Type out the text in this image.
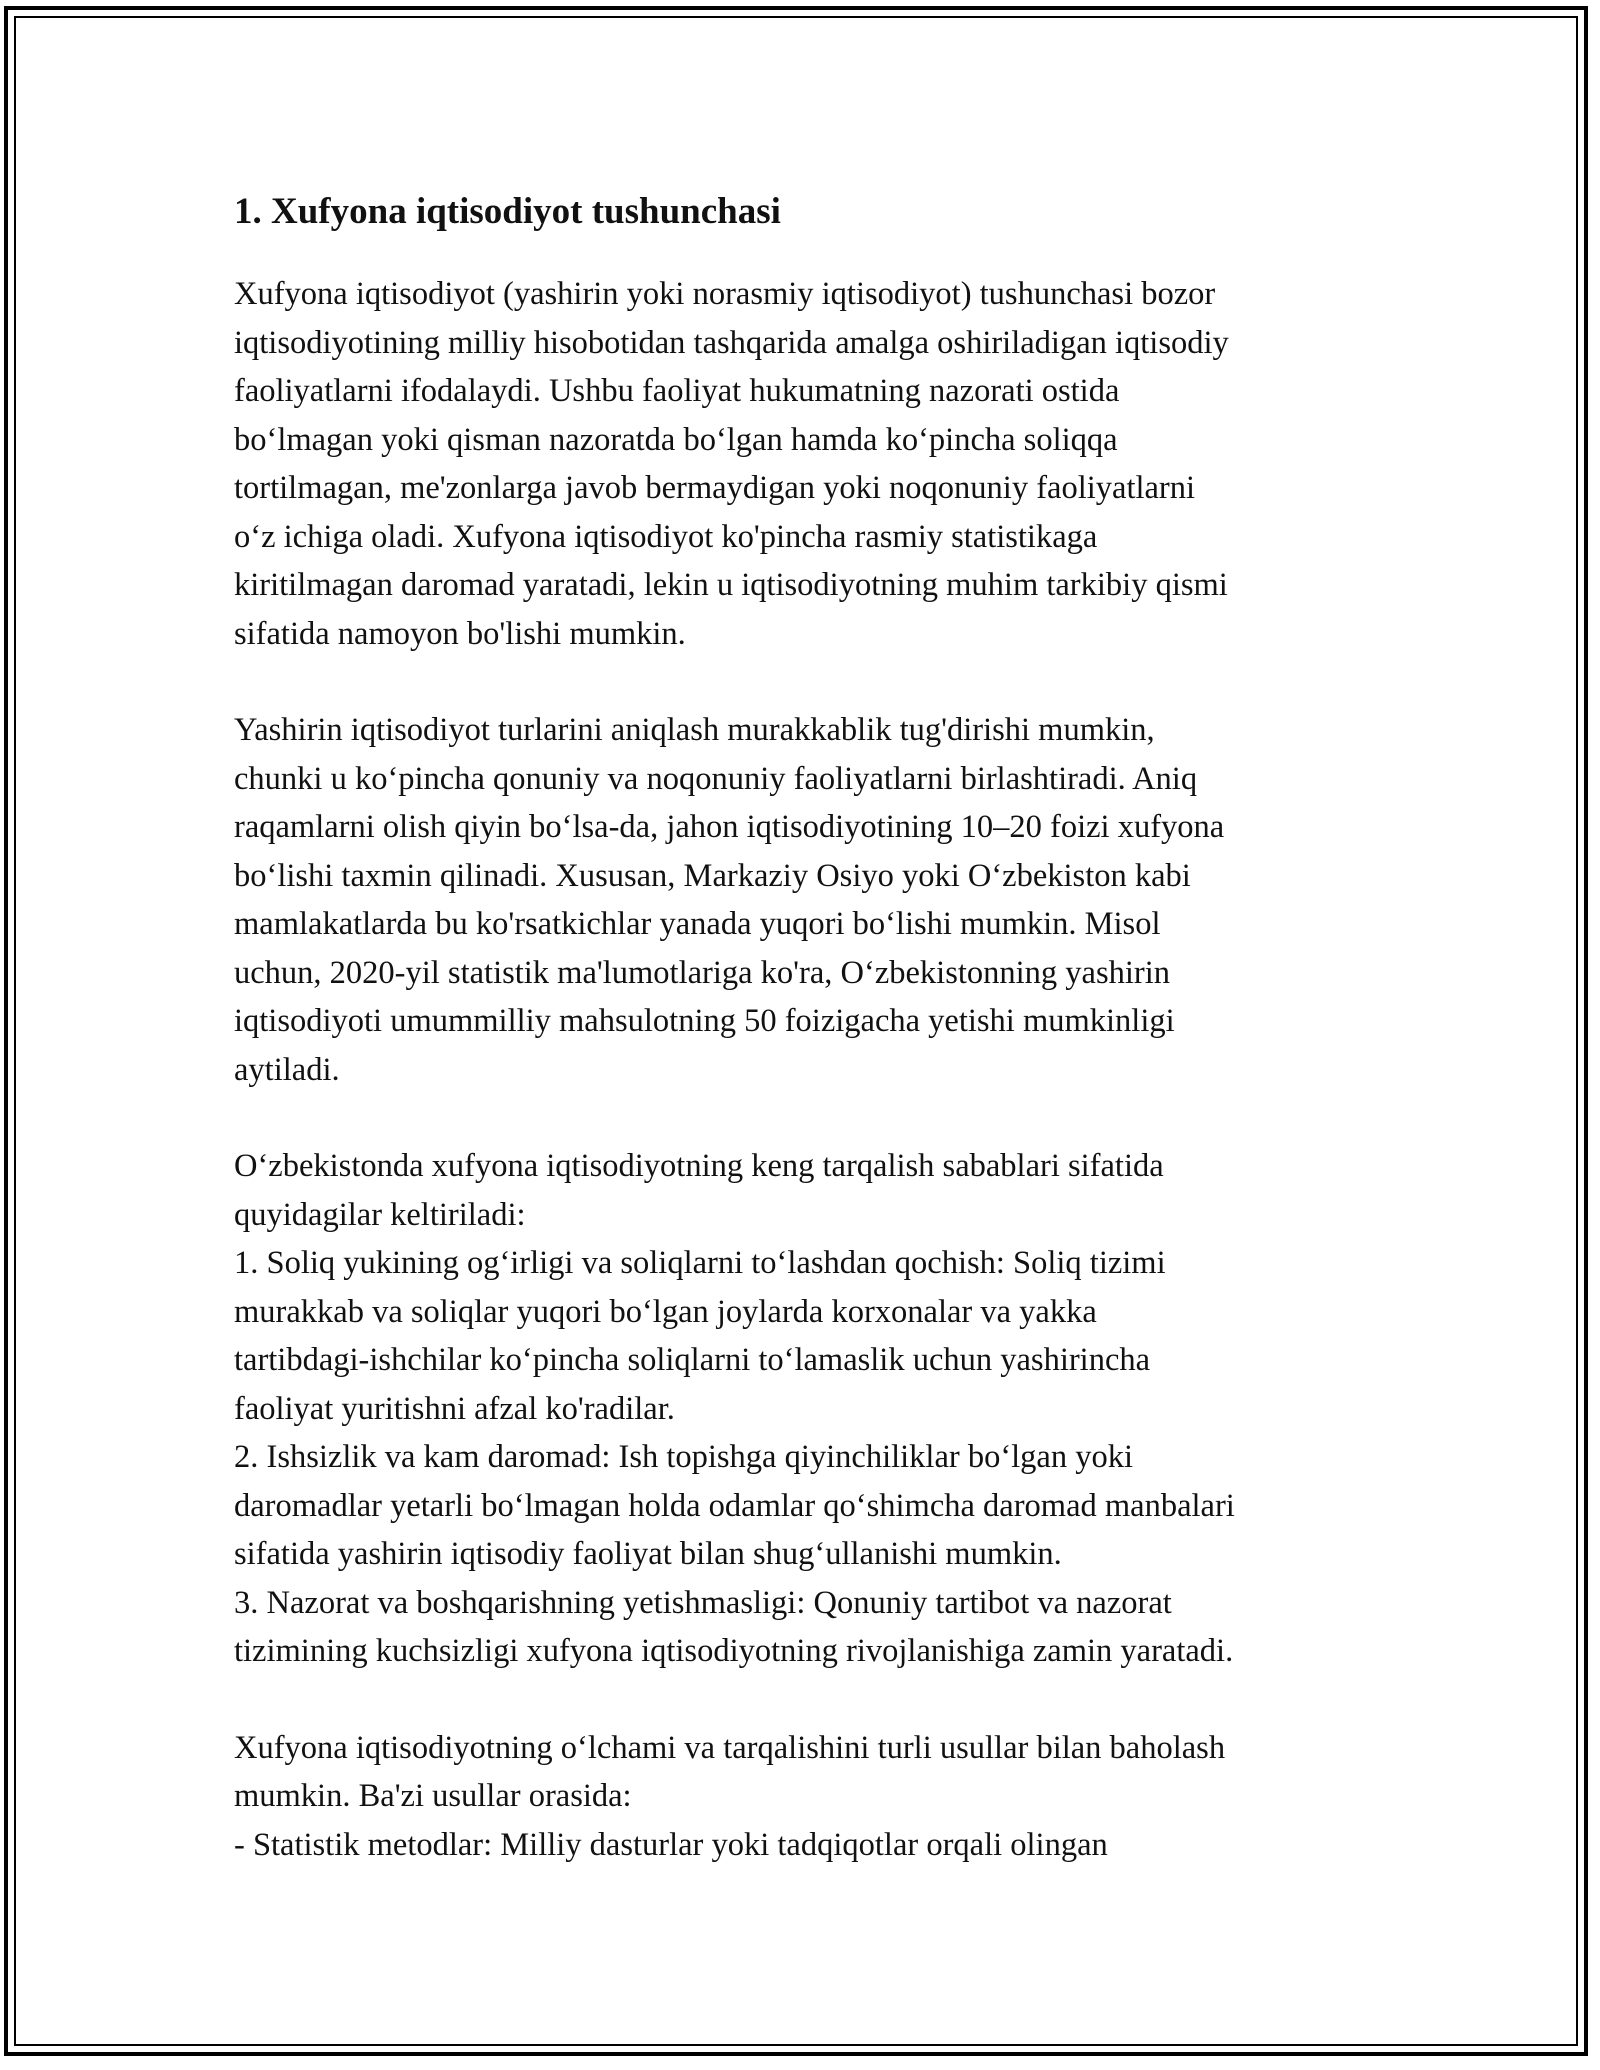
1. Xufyona iqtisodiyot tushunchasi

Xufyona iqtisodiyot (yashirin yoki norasmiy iqtisodiyot) tushunchasi bozor
iqtisodiyotining milliy hisobotidan tashqarida amalga oshiriladigan iqtisodiy
faoliyatlarni ifodalaydi. Ushbu faoliyat hukumatning nazorati ostida
bo‘lmagan yoki qisman nazoratda bo‘lgan hamda ko‘pincha soliqqa
tortilmagan, me'zonlarga javob bermaydigan yoki noqonuniy faoliyatlarni
o‘z ichiga oladi. Xufyona iqtisodiyot ko'pincha rasmiy statistikaga
kiritilmagan daromad yaratadi, lekin u iqtisodiyotning muhim tarkibiy qismi
sifatida namoyon bo'lishi mumkin.

Yashirin iqtisodiyot turlarini aniqlash murakkablik tug'dirishi mumkin,
chunki u ko‘pincha qonuniy va noqonuniy faoliyatlarni birlashtiradi. Aniq
raqamlarni olish qiyin bo‘lsa-da, jahon iqtisodiyotining 10–20 foizi xufyona
bo‘lishi taxmin qilinadi. Xususan, Markaziy Osiyo yoki O‘zbekiston kabi
mamlakatlarda bu ko'rsatkichlar yanada yuqori bo‘lishi mumkin. Misol
uchun, 2020-yil statistik ma'lumotlariga ko'ra, O‘zbekistonning yashirin
iqtisodiyoti umummilliy mahsulotning 50 foizigacha yetishi mumkinligi
aytiladi.

O‘zbekistonda xufyona iqtisodiyotning keng tarqalish sabablari sifatida
quyidagilar keltiriladi:

1. Soliq yukining og‘irligi va soliqlarni to‘lashdan qochish: Soliq tizimi
murakkab va soliqlar yuqori bo‘lgan joylarda korxonalar va yakka
tartibdagi-ishchilar ko‘pincha soliqlarni to‘lamaslik uchun yashirincha
faoliyat yuritishni afzal ko'radilar.

2. Ishsizlik va kam daromad: Ish topishga qiyinchiliklar bo‘lgan yoki
daromadlar yetarli bo‘lmagan holda odamlar qo‘shimcha daromad manbalari
sifatida yashirin iqtisodiy faoliyat bilan shug‘ullanishi mumkin.

3. Nazorat va boshqarishning yetishmasligi: Qonuniy tartibot va nazorat
tizimining kuchsizligi xufyona iqtisodiyotning rivojlanishiga zamin yaratadi.

Xufyona iqtisodiyotning o‘lchami va tarqalishini turli usullar bilan baholash
mumkin. Ba'zi usullar orasida:

- Statistik metodlar: Milliy dasturlar yoki tadqiqotlar orqali olingan
